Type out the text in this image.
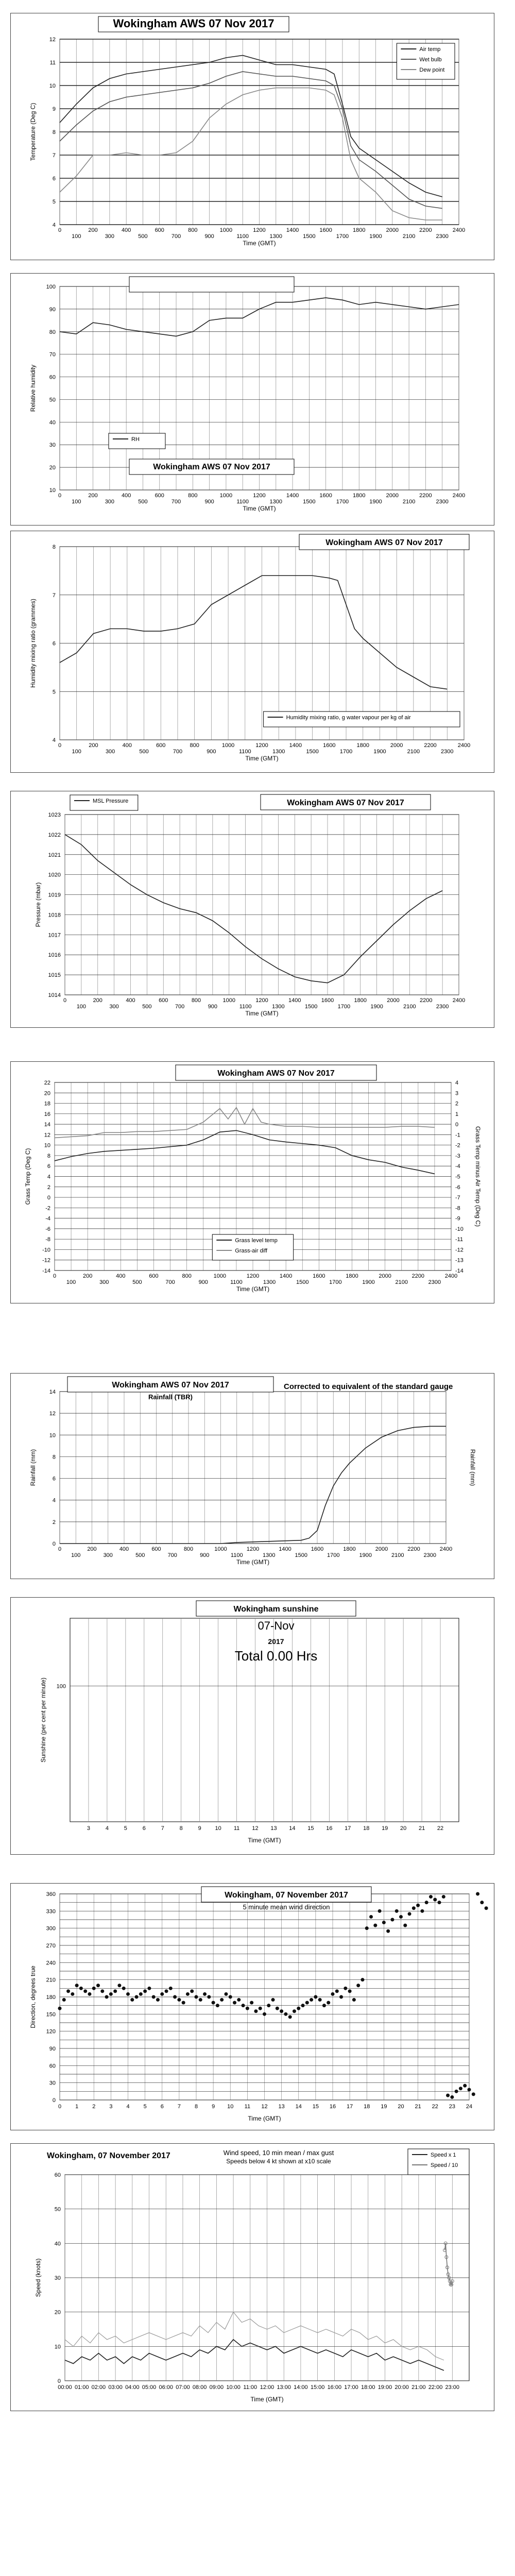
0
100
200
300
400
500
600
700
800
900
1000
1100
1200
1300
1400
1500
1600
1700
1800
1900
2000
2100
2200
2300
2400
4
5
6
7
8
9
10
11
12
Time (GMT)
Temperature (Deg C)
Wokingham AWS 07 Nov 2017
Air temp
Wet bulb
Dew point
0
100
200
300
400
500
600
700
800
900
1000
1100
1200
1300
1400
1500
1600
1700
1800
1900
2000
2100
2200
2300
2400
10
20
30
40
50
60
70
80
90
100
Time (GMT)
Relative humidity
Wokingham AWS 07 Nov 2017
RH
0
100
200
300
400
500
600
700
800
900
1000
1100
1200
1300
1400
1500
1600
1700
1800
1900
2000
2100
2200
2300
2400
4
5
6
7
8
Time (GMT)
Humidity mixing ratio (grammes)
Wokingham AWS 07 Nov 2017
Humidity mixing ratio, g water vapour per kg of air
0
100
200
300
400
500
600
700
800
900
1000
1100
1200
1300
1400
1500
1600
1700
1800
1900
2000
2100
2200
2300
2400
1014
1015
1016
1017
1018
1019
1020
1021
1022
1023
Time (GMT)
Pressure (mbar)
Wokingham AWS 07 Nov 2017
MSL Pressure
0
100
200
300
400
500
600
700
800
900
1000
1100
1200
1300
1400
1500
1600
1700
1800
1900
2000
2100
2200
2300
2400
-14
-12
-10
-8
-6
-4
-2
0
2
4
6
8
10
12
14
16
18
20
22
-14
-13
-12
-11
-10
-9
-8
-7
-6
-5
-4
-3
-2
-1
0
1
2
3
4
Time (GMT)
Grass Temp (Deg C)	Grass Temp minus Air Temp (Deg C)
Wokingham AWS 07 Nov 2017
Grass level temp
Grass-air diff
0
100
200
300
400
500
600
700
800
900
1000
1100
1200
1300
1400
1500
1600
1700
1800
1900
2000
2100
2200
2300
2400
0
2
4
6
8
10
12
14
Time (GMT)
Rainfall (mm)	Rainfall (mm)
Wokingham AWS 07 Nov 2017
Rainfall (TBR)
Corrected to equivalent of the standard gauge
3	4	5	6	7	8	9 10 11 12 13 14 15 16 17 18 19 20 21 22
100
Time (GMT)
Sunshine (per cent per minute)
Wokingham sunshine
07-Nov
2017
Total 0.00 Hrs
0 1 2 3 4 5 6 7 8 9 10 11 12 13 14 15 16 17 18 19 20 21 22 23 24
0
30
60
90
120
150
180
210
240
270
300
330
360
Time (GMT)
Direction, degrees true
Wokingham, 07 November 2017
5 minute mean wind direction
00:00 01:00 02:00 03:00 04:00 05:00 06:00 07:00 08:00 09:00 10:00 11:00 12:00 13:00 14:00 15:00 16:00 17:00 18:00 19:00 20:00 21:00 22:00 23:00
0
10
20
30
40
50
60
Time (GMT)
Speed (knots)
Wokingham, 07 November 2017	Wind speed, 10 min mean / max gust
Speeds below 4 kt shown at x10 scale
Speed x 1
Speed / 10
